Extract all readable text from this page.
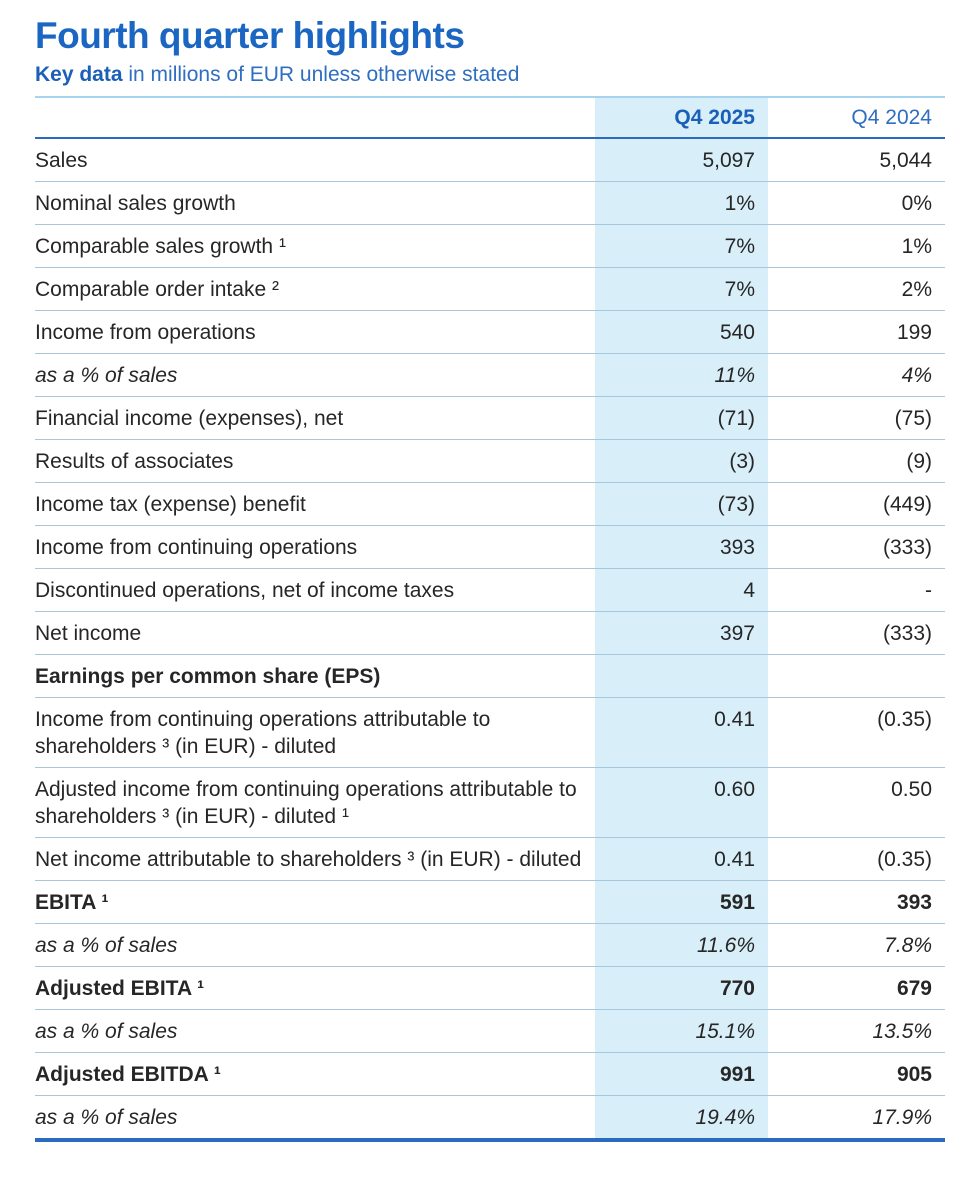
Fourth quarter highlights

Key data in millions of EUR unless otherwise stated

	Q4 2025	Q4 2024
Sales	5,097	5,044
Nominal sales growth	1%	0%
Comparable sales growth ¹	7%	1%
Comparable order intake ²	7%	2%
Income from operations	540	199
as a % of sales	11%	4%
Financial income (expenses), net	(71)	(75)
Results of associates	(3)	(9)
Income tax (expense) benefit	(73)	(449)
Income from continuing operations	393	(333)
Discontinued operations, net of income taxes	4	-
Net income	397	(333)
Earnings per common share (EPS)		
Income from continuing operations attributable to shareholders ³ (in EUR) - diluted	0.41	(0.35)
Adjusted income from continuing operations attributable to shareholders ³ (in EUR) - diluted ¹	0.60	0.50
Net income attributable to shareholders ³ (in EUR) - diluted	0.41	(0.35)
EBITA ¹	591	393
as a % of sales	11.6%	7.8%
Adjusted EBITA ¹	770	679
as a % of sales	15.1%	13.5%
Adjusted EBITDA ¹	991	905
as a % of sales	19.4%	17.9%
